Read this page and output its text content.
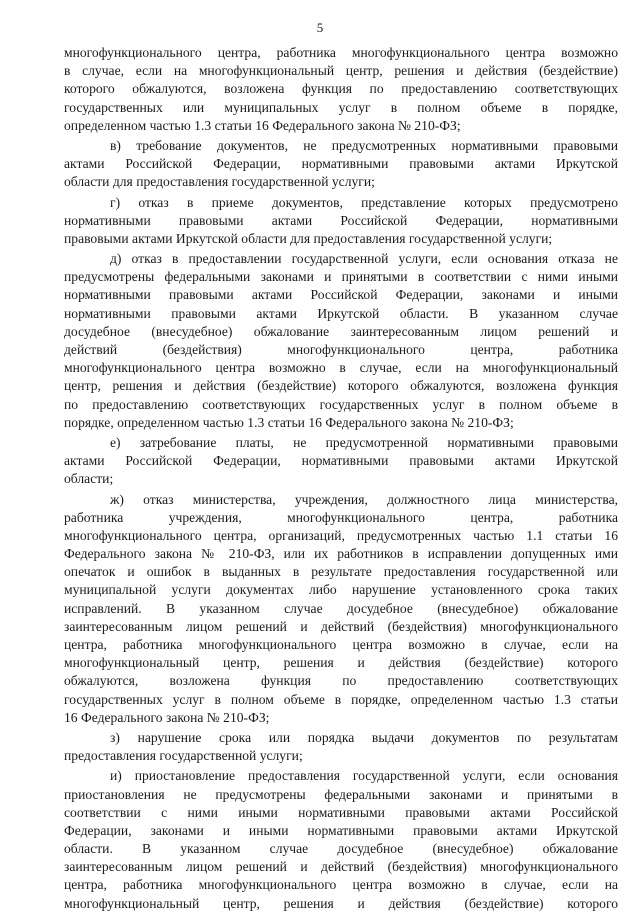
5
многофункционального центра, работника многофункционального центра возможно
в случае, если на многофункциональный центр, решения и действия (бездействие)
которого обжалуются, возложена функция по предоставлению соответствующих
государственных или муниципальных услуг в полном объеме в порядке,
определенном частью 1.3 статьи 16 Федерального закона № 210-ФЗ;
в) требование документов, не предусмотренных нормативными правовыми
актами Российской Федерации, нормативными правовыми актами Иркутской
области для предоставления государственной услуги;
г) отказ в приеме документов, представление которых предусмотрено
нормативными правовыми актами Российской Федерации, нормативными
правовыми актами Иркутской области для предоставления государственной услуги;
д) отказ в предоставлении государственной услуги, если основания отказа не
предусмотрены федеральными законами и принятыми в соответствии с ними иными
нормативными правовыми актами Российской Федерации, законами и иными
нормативными правовыми актами Иркутской области. В указанном случае
досудебное (внесудебное) обжалование заинтересованным лицом решений и
действий (бездействия) многофункционального центра, работника
многофункционального центра возможно в случае, если на многофункциональный
центр, решения и действия (бездействие) которого обжалуются, возложена функция
по предоставлению соответствующих государственных услуг в полном объеме в
порядке, определенном частью 1.3 статьи 16 Федерального закона № 210-ФЗ;
е) затребование платы, не предусмотренной нормативными правовыми
актами Российской Федерации, нормативными правовыми актами Иркутской
области;
ж) отказ министерства, учреждения, должностного лица министерства,
работника учреждения, многофункционального центра, работника
многофункционального центра, организаций, предусмотренных частью 1.1 статьи 16
Федерального закона № 210-ФЗ, или их работников в исправлении допущенных ими
опечаток и ошибок в выданных в результате предоставления государственной или
муниципальной услуги документах либо нарушение установленного срока таких
исправлений. В указанном случае досудебное (внесудебное) обжалование
заинтересованным лицом решений и действий (бездействия) многофункционального
центра, работника многофункционального центра возможно в случае, если на
многофункциональный центр, решения и действия (бездействие) которого
обжалуются, возложена функция по предоставлению соответствующих
государственных услуг в полном объеме в порядке, определенном частью 1.3 статьи
16 Федерального закона № 210-ФЗ;
з) нарушение срока или порядка выдачи документов по результатам
предоставления государственной услуги;
и) приостановление предоставления государственной услуги, если основания
приостановления не предусмотрены федеральными законами и принятыми в
соответствии с ними иными нормативными правовыми актами Российской
Федерации, законами и иными нормативными правовыми актами Иркутской
области. В указанном случае досудебное (внесудебное) обжалование
заинтересованным лицом решений и действий (бездействия) многофункционального
центра, работника многофункционального центра возможно в случае, если на
многофункциональный центр, решения и действия (бездействие) которого
